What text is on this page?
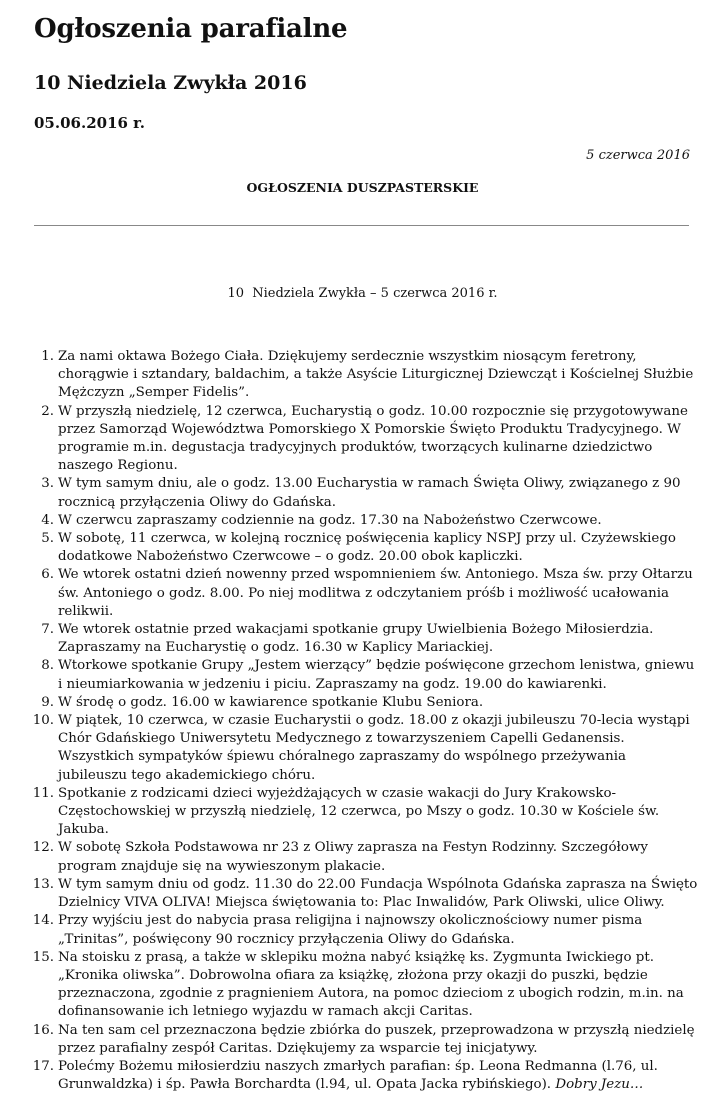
Ogłoszenia parafialne
10 Niedziela Zwykła 2016
05.06.2016 r.
5 czerwca 2016
OGŁOSZENIA DUSZPASTERSKIE
10  Niedziela Zwykła – 5 czerwca 2016 r.
1. Za nami oktawa Bożego Ciała. Dziękujemy serdecznie wszystkim niosącym feretrony, chorągwie i sztandary, baldachim, a także Asyście Liturgicznej Dziewcząt i Kościelnej Służbie Mężczyzn „Semper Fidelis”.
2. W przyszłą niedzielę, 12 czerwca, Eucharystią o godz. 10.00 rozpocznie się przygotowywane przez Samorząd Województwa Pomorskiego X Pomorskie Święto Produktu Tradycyjnego. W programie m.in. degustacja tradycyjnych produktów, tworzących kulinarne dziedzictwo naszego Regionu.
3. W tym samym dniu, ale o godz. 13.00 Eucharystia w ramach Święta Oliwy, związanego z 90 rocznicą przyłączenia Oliwy do Gdańska.
4. W czerwcu zapraszamy codziennie na godz. 17.30 na Nabożeństwo Czerwcowe.
5. W sobotę, 11 czerwca, w kolejną rocznicę poświęcenia kaplicy NSPJ przy ul. Czyżewskiego dodatkowe Nabożeństwo Czerwcowe – o godz. 20.00 obok kapliczki.
6. We wtorek ostatni dzień nowenny przed wspomnieniem św. Antoniego. Msza św. przy Ołtarzu św. Antoniego o godz. 8.00. Po niej modlitwa z odczytaniem próśb i możliwość ucałowania relikwii.
7. We wtorek ostatnie przed wakacjami spotkanie grupy Uwielbienia Bożego Miłosierdzia. Zapraszamy na Eucharystię o godz. 16.30 w Kaplicy Mariackiej.
8. Wtorkowe spotkanie Grupy „Jestem wierzący” będzie poświęcone grzechom lenistwa, gniewu i nieumiarkowania w jedzeniu i piciu. Zapraszamy na godz. 19.00 do kawiarenki.
9. W środę o godz. 16.00 w kawiarence spotkanie Klubu Seniora.
10. W piątek, 10 czerwca, w czasie Eucharystii o godz. 18.00 z okazji jubileuszu 70-lecia wystąpi Chór Gdańskiego Uniwersytetu Medycznego z towarzyszeniem Capelli Gedanensis. Wszystkich sympatyków śpiewu chóralnego zapraszamy do wspólnego przeżywania jubileuszu tego akademickiego chóru.
11. Spotkanie z rodzicami dzieci wyjeżdżających w czasie wakacji do Jury Krakowsko-Częstochowskiej w przyszłą niedzielę, 12 czerwca, po Mszy o godz. 10.30 w Kościele św. Jakuba.
12. W sobotę Szkoła Podstawowa nr 23 z Oliwy zaprasza na Festyn Rodzinny. Szczegółowy program znajduje się na wywieszonym plakacie.
13. W tym samym dniu od godz. 11.30 do 22.00 Fundacja Wspólnota Gdańska zaprasza na Święto Dzielnicy VIVA OLIVA! Miejsca świętowania to: Plac Inwalidów, Park Oliwski, ulice Oliwy.
14. Przy wyjściu jest do nabycia prasa religijna i najnowszy okolicznościowy numer pisma „Trinitas”, poświęcony 90 rocznicy przyłączenia Oliwy do Gdańska.
15. Na stoisku z prasą, a także w sklepiku można nabyć książkę ks. Zygmunta Iwickiego pt. „Kronika oliwska”. Dobrowolna ofiara za książkę, złożona przy okazji do puszki, będzie przeznaczona, zgodnie z pragnieniem Autora, na pomoc dzieciom z ubogich rodzin, m.in. na dofinansowanie ich letniego wyjazdu w ramach akcji Caritas.
16. Na ten sam cel przeznaczona będzie zbiórka do puszek, przeprowadzona w przyszłą niedzielę przez parafialny zespół Caritas. Dziękujemy za wsparcie tej inicjatywy.
17. Polećmy Bożemu miłosierdziu naszych zmarłych parafian: śp. Leona Redmanna (l.76, ul. Grunwaldzka) i śp. Pawła Borchardta (l.94, ul. Opata Jacka rybińskiego). Dobry Jezu…
